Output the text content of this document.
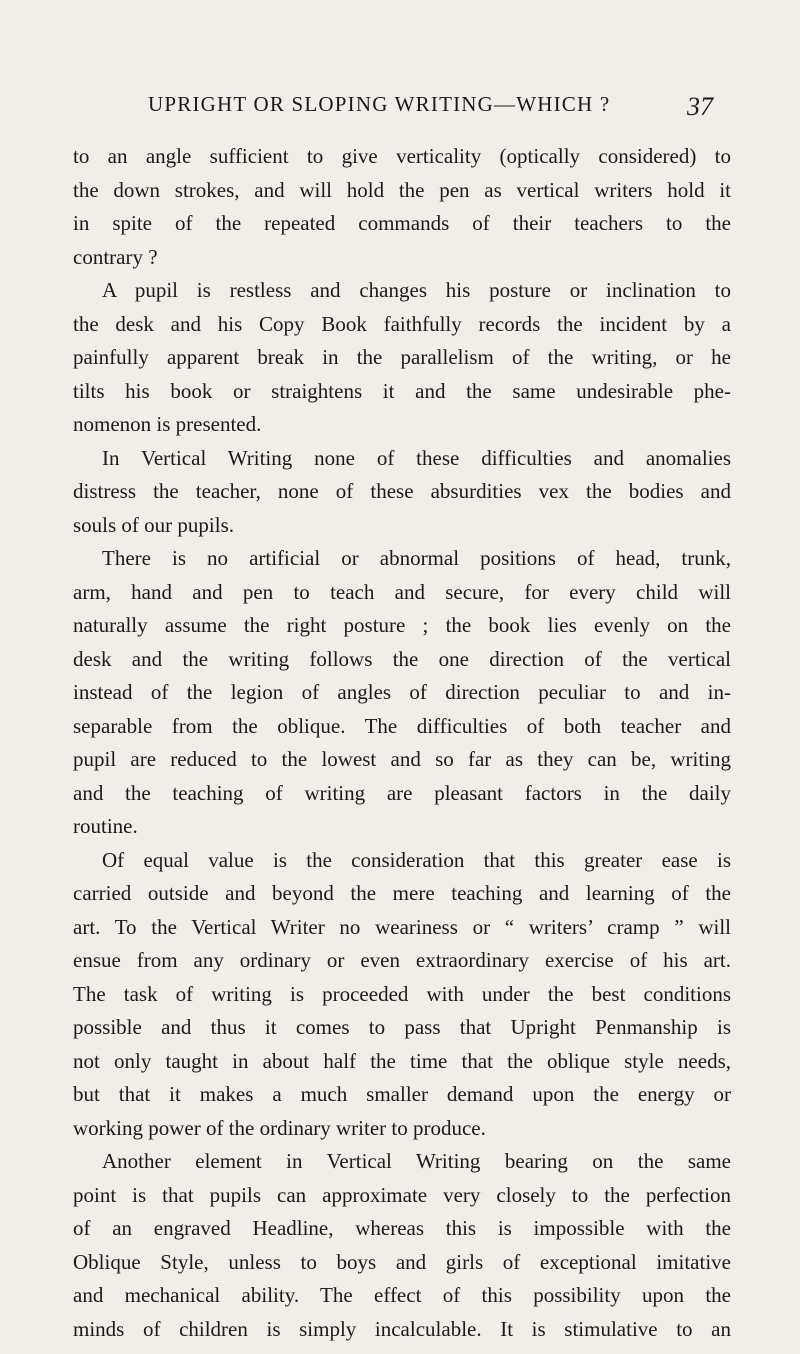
UPRIGHT OR SLOPING WRITING—WHICH ?	37
to an angle sufficient to give verticality (optically considered) to
the down strokes, and will hold the pen as vertical writers hold it
in spite of the repeated commands of their teachers to the
contrary ?
A pupil is restless and changes his posture or inclination to
the desk and his Copy Book faithfully records the incident by a
painfully apparent break in the parallelism of the writing, or he
tilts his book or straightens it and the same undesirable phe-
nomenon is presented.
In Vertical Writing none of these difficulties and anomalies
distress the teacher, none of these absurdities vex the bodies and
souls of our pupils.
There is no artificial or abnormal positions of head, trunk,
arm, hand and pen to teach and secure, for every child will
naturally assume the right posture ; the book lies evenly on the
desk and the writing follows the one direction of the vertical
instead of the legion of angles of direction peculiar to and in-
separable from the oblique. The difficulties of both teacher and
pupil are reduced to the lowest and so far as they can be, writing
and the teaching of writing are pleasant factors in the daily
routine.
Of equal value is the consideration that this greater ease is
carried outside and beyond the mere teaching and learning of the
art. To the Vertical Writer no weariness or “ writers’ cramp ” will
ensue from any ordinary or even extraordinary exercise of his art.
The task of writing is proceeded with under the best conditions
possible and thus it comes to pass that Upright Penmanship is
not only taught in about half the time that the oblique style needs,
but that it makes a much smaller demand upon the energy or
working power of the ordinary writer to produce.
Another element in Vertical Writing bearing on the same
point is that pupils can approximate very closely to the perfection
of an engraved Headline, whereas this is impossible with the
Oblique Style, unless to boys and girls of exceptional imitative
and mechanical ability. The effect of this possibility upon the
minds of children is simply incalculable. It is stimulative to an
